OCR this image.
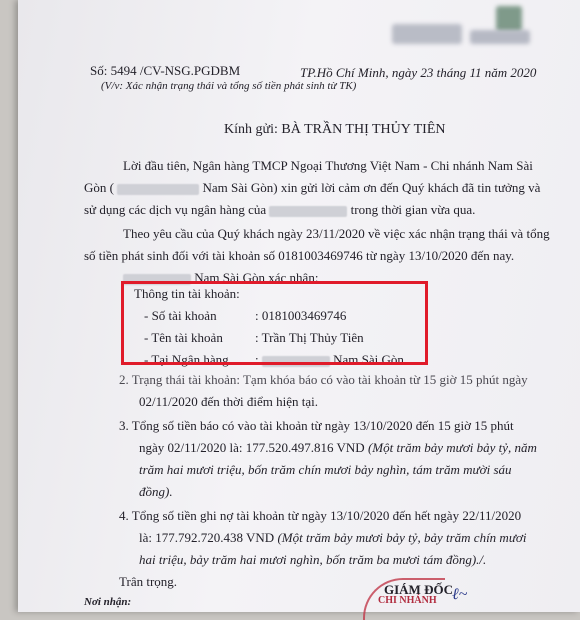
Số: 5494 /CV-NSG.PGDBM	TP.Hồ Chí Minh, ngày 23 tháng 11 năm 2020
(V/v: Xác nhận trạng thái và tổng số tiền phát sinh từ TK)
Kính gửi: BÀ TRẦN THỊ THỦY TIÊN
Lời đầu tiên, Ngân hàng TMCP Ngoại Thương Việt Nam - Chi nhánh Nam Sài
Gòn (	Nam Sài Gòn) xin gửi lời cảm ơn đến Quý khách đã tin tưởng và
sử dụng các dịch vụ ngân hàng của	trong thời gian vừa qua.
Theo yêu cầu của Quý khách ngày 23/11/2020 về việc xác nhận trạng thái và tổng
số tiền phát sinh đối với tài khoản số 0181003469746 từ ngày 13/10/2020 đến nay.
Nam Sài Gòn xác nhận:
Thông tin tài khoản:
- Số tài khoản	: 0181003469746
- Tên tài khoản : Trần Thị Thủy Tiên
- Tại Ngân hàng :	Nam Sài Gòn
2. Trạng thái tài khoản: Tạm khóa báo có vào tài khoản từ 15 giờ 15 phút ngày
02/11/2020 đến thời điểm hiện tại.
3. Tổng số tiền báo có vào tài khoản từ ngày 13/10/2020 đến 15 giờ 15 phút
ngày 02/11/2020 là: 177.520.497.816 VND (Một trăm bảy mươi bảy tỷ, năm
trăm hai mươi triệu, bốn trăm chín mươi bảy nghìn, tám trăm mười sáu
đồng).
4. Tổng số tiền ghi nợ tài khoản từ ngày 13/10/2020 đến hết ngày 22/11/2020
là: 177.792.720.438 VND (Một trăm bảy mươi bảy tỷ, bảy trăm chín mươi
hai triệu, bảy trăm hai mươi nghìn, bốn trăm ba mươi tám đồng)./.
Trân trọng.
Nơi nhận:
GIÁM ĐỐC
CHI NHÁNH ℓ~
